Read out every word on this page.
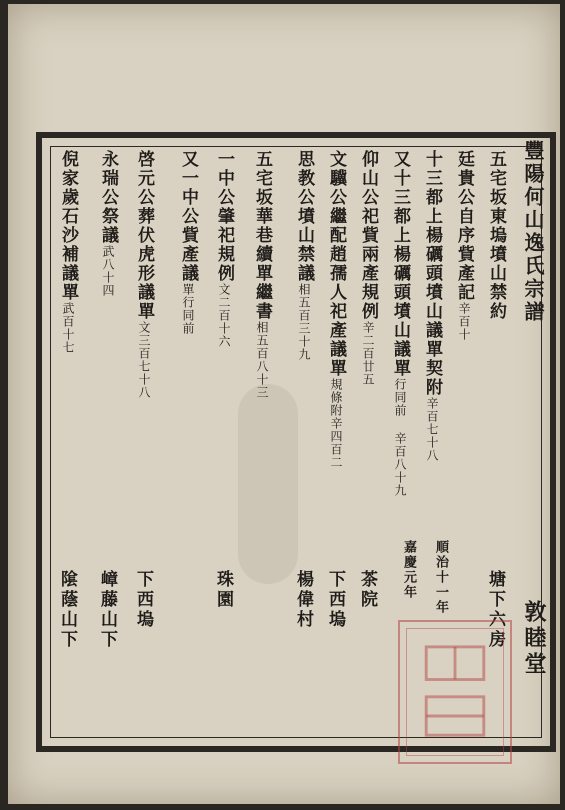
豐陽何山逸氏宗譜
敦睦堂
五宅坂東塢墳山禁約
廷貴公自序貲產記辛百十
十三都上楊礪頭墳山議單契附辛百七十八
又十三都上楊礪頭墳山議單行同前 辛百八十九
仰山公祀貲兩產規例辛二百廿五
文驥公繼配趙孺人祀產議單規條附辛四百二
思教公墳山禁議相五百三十九
五宅坂華巷續單繼書相五百八十三
一中公肇祀規例文二百十六
又一中公貲產議單行同前
啓元公葬伏虎形議單文三百七十八
永瑞公祭議武八十四
倪家歲石沙補議單武百十七
順治十一年
嘉慶元年	塘下六房
茶院
下西塢
楊偉村
珠園
下西塢
嶂藤山下
隂蔭山下
